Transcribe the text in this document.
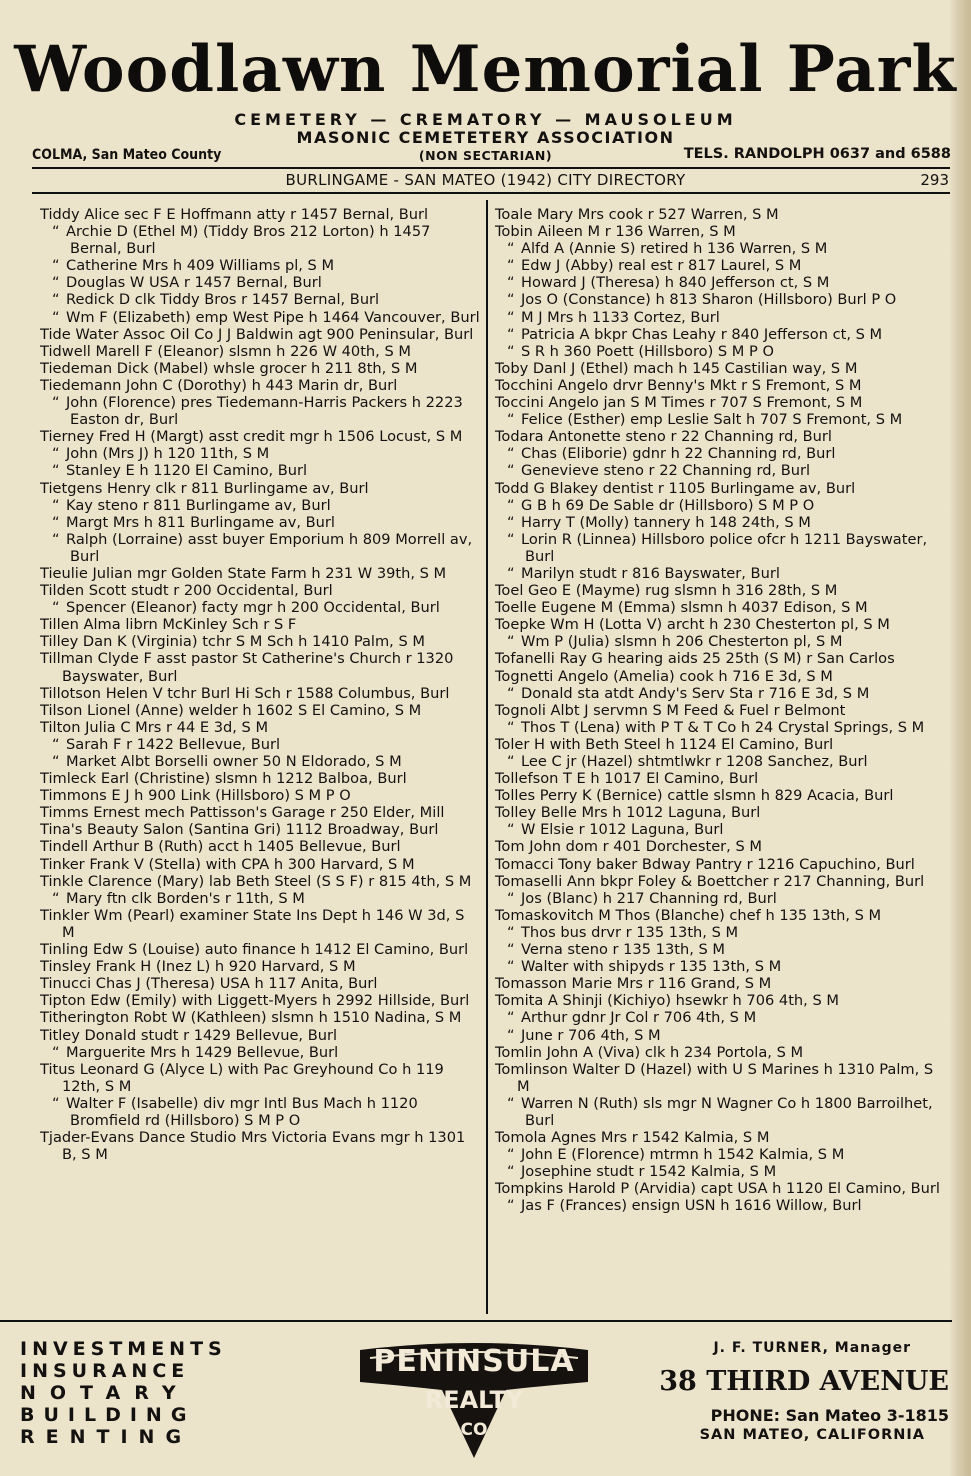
Woodlawn Memorial Park
CEMETERY — CREMATORY — MAUSOLEUM
MASONIC CEMETETERY ASSOCIATION
COLMA, San Mateo County	(NON SECTARIAN)	TELS. RANDOLPH 0637 and 6588
BURLINGAME - SAN MATEO (1942) CITY DIRECTORY	293
Tiddy Alice sec F E Hoffmann atty r 1457 Bernal, Burl
“ Archie D (Ethel M) (Tiddy Bros 212 Lorton) h 1457 Bernal, Burl
“ Catherine Mrs h 409 Williams pl, S M
“ Douglas W USA r 1457 Bernal, Burl
“ Redick D clk Tiddy Bros r 1457 Bernal, Burl
“ Wm F (Elizabeth) emp West Pipe h 1464 Vancouver, Burl
Tide Water Assoc Oil Co J J Baldwin agt 900 Peninsular, Burl
Tidwell Marell F (Eleanor) slsmn h 226 W 40th, S M
Tiedeman Dick (Mabel) whsle grocer h 211 8th, S M
Tiedemann John C (Dorothy) h 443 Marin dr, Burl
“ John (Florence) pres Tiedemann-Harris Packers h 2223 Easton dr, Burl
Tierney Fred H (Margt) asst credit mgr h 1506 Locust, S M
“ John (Mrs J) h 120 11th, S M
“ Stanley E h 1120 El Camino, Burl
Tietgens Henry clk r 811 Burlingame av, Burl
“ Kay steno r 811 Burlingame av, Burl
“ Margt Mrs h 811 Burlingame av, Burl
“ Ralph (Lorraine) asst buyer Emporium h 809 Morrell av, Burl
Tieulie Julian mgr Golden State Farm h 231 W 39th, S M
Tilden Scott studt r 200 Occidental, Burl
“ Spencer (Eleanor) facty mgr h 200 Occidental, Burl
Tillen Alma librn McKinley Sch r S F
Tilley Dan K (Virginia) tchr S M Sch h 1410 Palm, S M
Tillman Clyde F asst pastor St Catherine's Church r 1320 Bayswater, Burl
Tillotson Helen V tchr Burl Hi Sch r 1588 Columbus, Burl
Tilson Lionel (Anne) welder h 1602 S El Camino, S M
Tilton Julia C Mrs r 44 E 3d, S M
“ Sarah F r 1422 Bellevue, Burl
“ Market Albt Borselli owner 50 N Eldorado, S M
Timleck Earl (Christine) slsmn h 1212 Balboa, Burl
Timmons E J h 900 Link (Hillsboro) S M P O
Timms Ernest mech Pattisson's Garage r 250 Elder, Mill
Tina's Beauty Salon (Santina Gri) 1112 Broadway, Burl
Tindell Arthur B (Ruth) acct h 1405 Bellevue, Burl
Tinker Frank V (Stella) with CPA h 300 Harvard, S M
Tinkle Clarence (Mary) lab Beth Steel (S S F) r 815 4th, S M
“ Mary ftn clk Borden's r 11th, S M
Tinkler Wm (Pearl) examiner State Ins Dept h 146 W 3d, S M
Tinling Edw S (Louise) auto finance h 1412 El Camino, Burl
Tinsley Frank H (Inez L) h 920 Harvard, S M
Tinucci Chas J (Theresa) USA h 117 Anita, Burl
Tipton Edw (Emily) with Liggett-Myers h 2992 Hillside, Burl
Titherington Robt W (Kathleen) slsmn h 1510 Nadina, S M
Titley Donald studt r 1429 Bellevue, Burl
“ Marguerite Mrs h 1429 Bellevue, Burl
Titus Leonard G (Alyce L) with Pac Greyhound Co h 119 12th, S M
“ Walter F (Isabelle) div mgr Intl Bus Mach h 1120 Bromfield rd (Hillsboro) S M P O
Tjader-Evans Dance Studio Mrs Victoria Evans mgr h 1301 B, S M
Toale Mary Mrs cook r 527 Warren, S M
Tobin Aileen M r 136 Warren, S M
“ Alfd A (Annie S) retired h 136 Warren, S M
“ Edw J (Abby) real est r 817 Laurel, S M
“ Howard J (Theresa) h 840 Jefferson ct, S M
“ Jos O (Constance) h 813 Sharon (Hillsboro) Burl P O
“ M J Mrs h 1133 Cortez, Burl
“ Patricia A bkpr Chas Leahy r 840 Jefferson ct, S M
“ S R h 360 Poett (Hillsboro) S M P O
Toby Danl J (Ethel) mach h 145 Castilian way, S M
Tocchini Angelo drvr Benny's Mkt r S Fremont, S M
Toccini Angelo jan S M Times r 707 S Fremont, S M
“ Felice (Esther) emp Leslie Salt h 707 S Fremont, S M
Todara Antonette steno r 22 Channing rd, Burl
“ Chas (Eliborie) gdnr h 22 Channing rd, Burl
“ Genevieve steno r 22 Channing rd, Burl
Todd G Blakey dentist r 1105 Burlingame av, Burl
“ G B h 69 De Sable dr (Hillsboro) S M P O
“ Harry T (Molly) tannery h 148 24th, S M
“ Lorin R (Linnea) Hillsboro police ofcr h 1211 Bayswater, Burl
“ Marilyn studt r 816 Bayswater, Burl
Toel Geo E (Mayme) rug slsmn h 316 28th, S M
Toelle Eugene M (Emma) slsmn h 4037 Edison, S M
Toepke Wm H (Lotta V) archt h 230 Chesterton pl, S M
“ Wm P (Julia) slsmn h 206 Chesterton pl, S M
Tofanelli Ray G hearing aids 25 25th (S M) r San Carlos
Tognetti Angelo (Amelia) cook h 716 E 3d, S M
“ Donald sta atdt Andy's Serv Sta r 716 E 3d, S M
Tognoli Albt J servmn S M Feed & Fuel r Belmont
“ Thos T (Lena) with P T & T Co h 24 Crystal Springs, S M
Toler H with Beth Steel h 1124 El Camino, Burl
“ Lee C jr (Hazel) shtmtlwkr r 1208 Sanchez, Burl
Tollefson T E h 1017 El Camino, Burl
Tolles Perry K (Bernice) cattle slsmn h 829 Acacia, Burl
Tolley Belle Mrs h 1012 Laguna, Burl
“ W Elsie r 1012 Laguna, Burl
Tom John dom r 401 Dorchester, S M
Tomacci Tony baker Bdway Pantry r 1216 Capuchino, Burl
Tomaselli Ann bkpr Foley & Boettcher r 217 Channing, Burl
“ Jos (Blanc) h 217 Channing rd, Burl
Tomaskovitch M Thos (Blanche) chef h 135 13th, S M
“ Thos bus drvr r 135 13th, S M
“ Verna steno r 135 13th, S M
“ Walter with shipyds r 135 13th, S M
Tomasson Marie Mrs r 116 Grand, S M
Tomita A Shinji (Kichiyo) hsewkr h 706 4th, S M
“ Arthur gdnr Jr Col r 706 4th, S M
“ June r 706 4th, S M
Tomlin John A (Viva) clk h 234 Portola, S M
Tomlinson Walter D (Hazel) with U S Marines h 1310 Palm, S M
“ Warren N (Ruth) sls mgr N Wagner Co h 1800 Barroilhet, Burl
Tomola Agnes Mrs r 1542 Kalmia, S M
“ John E (Florence) mtrmn h 1542 Kalmia, S M
“ Josephine studt r 1542 Kalmia, S M
Tompkins Harold P (Arvidia) capt USA h 1120 El Camino, Burl
“ Jas F (Frances) ensign USN h 1616 Willow, Burl
INVESTMENTS
INSURANCE
NOTARY
BUILDING
RENTING
PENINSULA
REALTY
CO
J. F. TURNER, Manager
38 THIRD AVENUE
PHONE: San Mateo 3-1815
SAN MATEO, CALIFORNIA
